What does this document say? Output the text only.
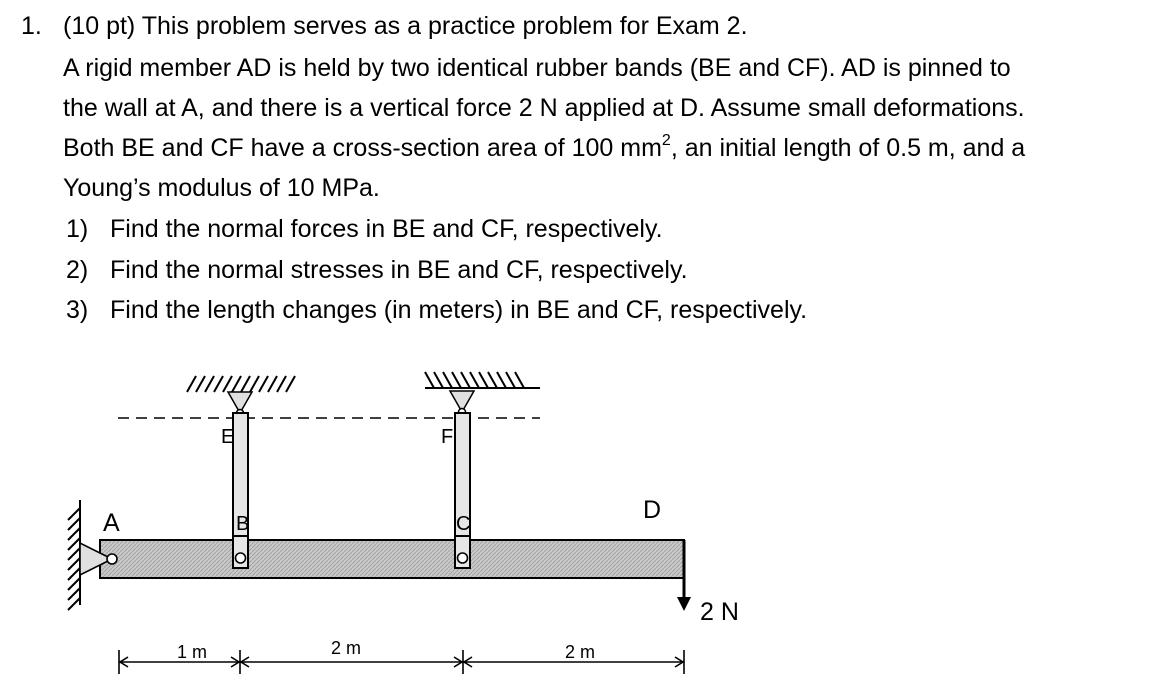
1. (10 pt) This problem serves as a practice problem for Exam 2.
A rigid member AD is held by two identical rubber bands (BE and CF). AD is pinned to
the wall at A, and there is a vertical force 2 N applied at D. Assume small deformations.
Both BE and CF have a cross-section area of 100 $mm^2$, an initial length of 0.5 m, and a
Young’s modulus of 10 MPa.
1) Find the normal forces in BE and CF, respectively.
2) Find the normal stresses in BE and CF, respectively.
3) Find the length changes (in meters) in BE and CF, respectively.
A	B	C	D
E	F
2 N
1 m	2 m	2 m
